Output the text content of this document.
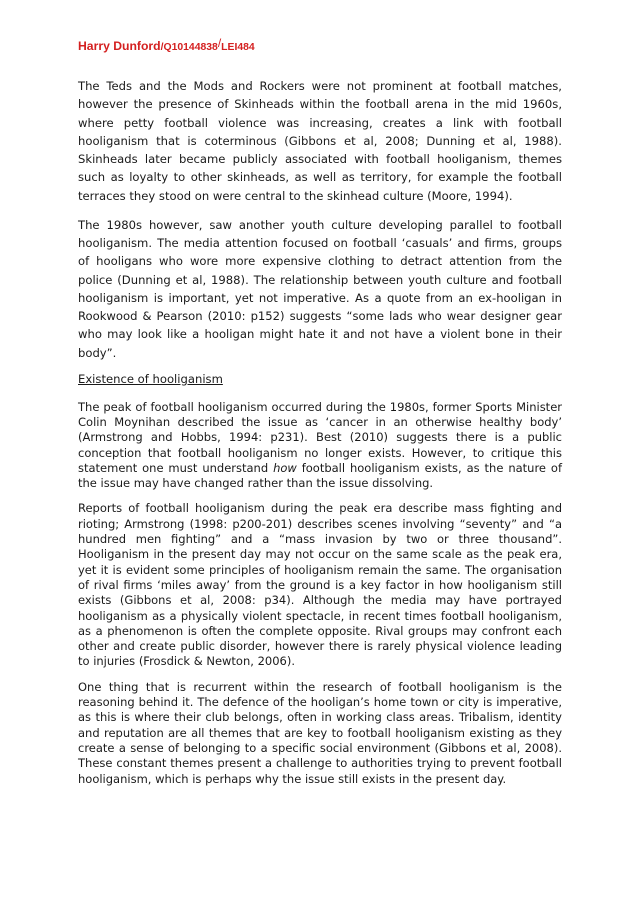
Harry Dunford/Q10144838/LEI484

The Teds and the Mods and Rockers were not prominent at football matches, however the presence of Skinheads within the football arena in the mid 1960s, where petty football violence was increasing, creates a link with football hooliganism that is coterminous (Gibbons et al, 2008; Dunning et al, 1988). Skinheads later became publicly associated with football hooliganism, themes such as loyalty to other skinheads, as well as territory, for example the football terraces they stood on were central to the skinhead culture (Moore, 1994).

The 1980s however, saw another youth culture developing parallel to football hooliganism. The media attention focused on football ‘casuals’ and firms, groups of hooligans who wore more expensive clothing to detract attention from the police (Dunning et al, 1988). The relationship between youth culture and football hooliganism is important, yet not imperative. As a quote from an ex-hooligan in Rookwood & Pearson (2010: p152) suggests “some lads who wear designer gear who may look like a hooligan might hate it and not have a violent bone in their body”.

Existence of hooliganism

The peak of football hooliganism occurred during the 1980s, former Sports Minister Colin Moynihan described the issue as ‘cancer in an otherwise healthy body’ (Armstrong and Hobbs, 1994: p231). Best (2010) suggests there is a public conception that football hooliganism no longer exists. However, to critique this statement one must understand how football hooliganism exists, as the nature of the issue may have changed rather than the issue dissolving.

Reports of football hooliganism during the peak era describe mass fighting and rioting; Armstrong (1998: p200-201) describes scenes involving “seventy” and “a hundred men fighting” and a “mass invasion by two or three thousand”. Hooliganism in the present day may not occur on the same scale as the peak era, yet it is evident some principles of hooliganism remain the same. The organisation of rival firms ‘miles away’ from the ground is a key factor in how hooliganism still exists (Gibbons et al, 2008: p34). Although the media may have portrayed hooliganism as a physically violent spectacle, in recent times football hooliganism, as a phenomenon is often the complete opposite. Rival groups may confront each other and create public disorder, however there is rarely physical violence leading to injuries (Frosdick & Newton, 2006).

One thing that is recurrent within the research of football hooliganism is the reasoning behind it. The defence of the hooligan’s home town or city is imperative, as this is where their club belongs, often in working class areas. Tribalism, identity and reputation are all themes that are key to football hooliganism existing as they create a sense of belonging to a specific social environment (Gibbons et al, 2008). These constant themes present a challenge to authorities trying to prevent football hooliganism, which is perhaps why the issue still exists in the present day.
